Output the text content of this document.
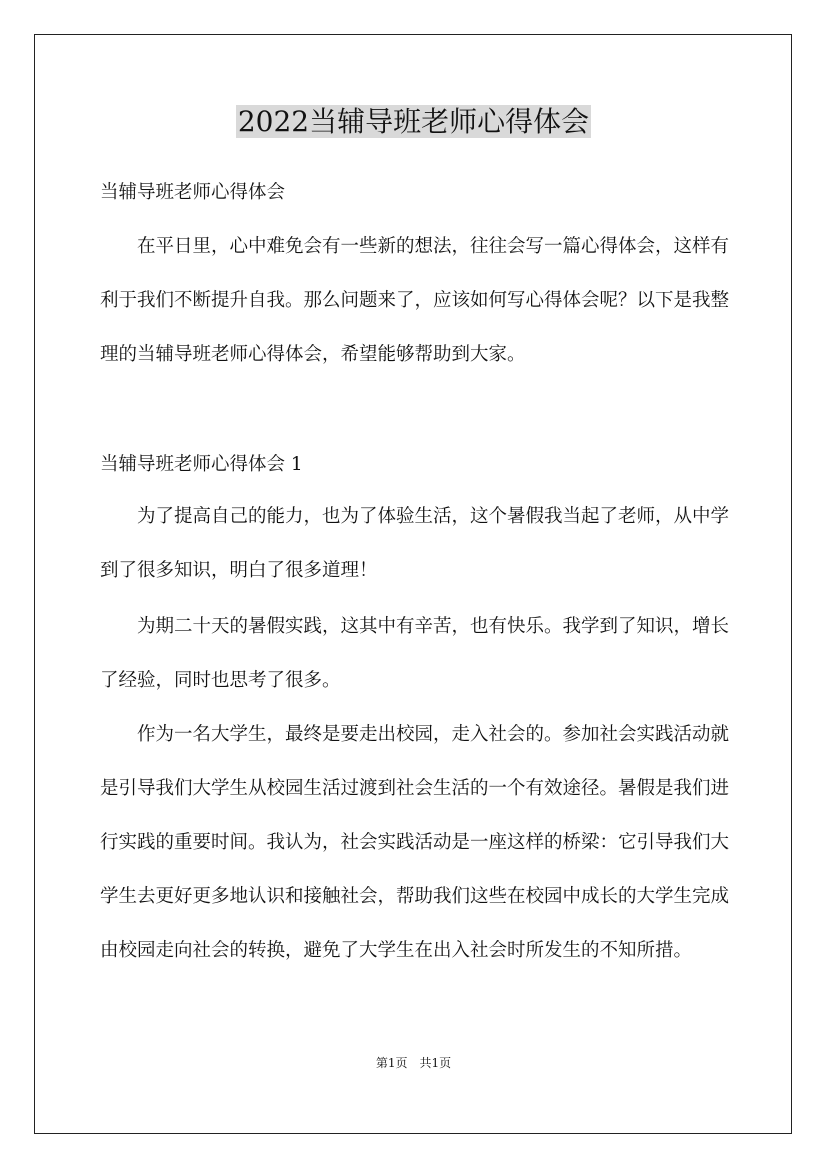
2022当辅导班老师心得体会

当辅导班老师心得体会

在平日里，心中难免会有一些新的想法，往往会写一篇心得体会，这样有利于我们不断提升自我。那么问题来了，应该如何写心得体会呢？以下是我整理的当辅导班老师心得体会，希望能够帮助到大家。

当辅导班老师心得体会 1

为了提高自己的能力，也为了体验生活，这个暑假我当起了老师，从中学到了很多知识，明白了很多道理！

为期二十天的暑假实践，这其中有辛苦，也有快乐。我学到了知识，增长了经验，同时也思考了很多。

作为一名大学生，最终是要走出校园，走入社会的。参加社会实践活动就是引导我们大学生从校园生活过渡到社会生活的一个有效途径。暑假是我们进行实践的重要时间。我认为，社会实践活动是一座这样的桥梁：它引导我们大学生去更好更多地认识和接触社会，帮助我们这些在校园中成长的大学生完成由校园走向社会的转换，避免了大学生在出入社会时所发生的不知所措。

第1页 共1页
